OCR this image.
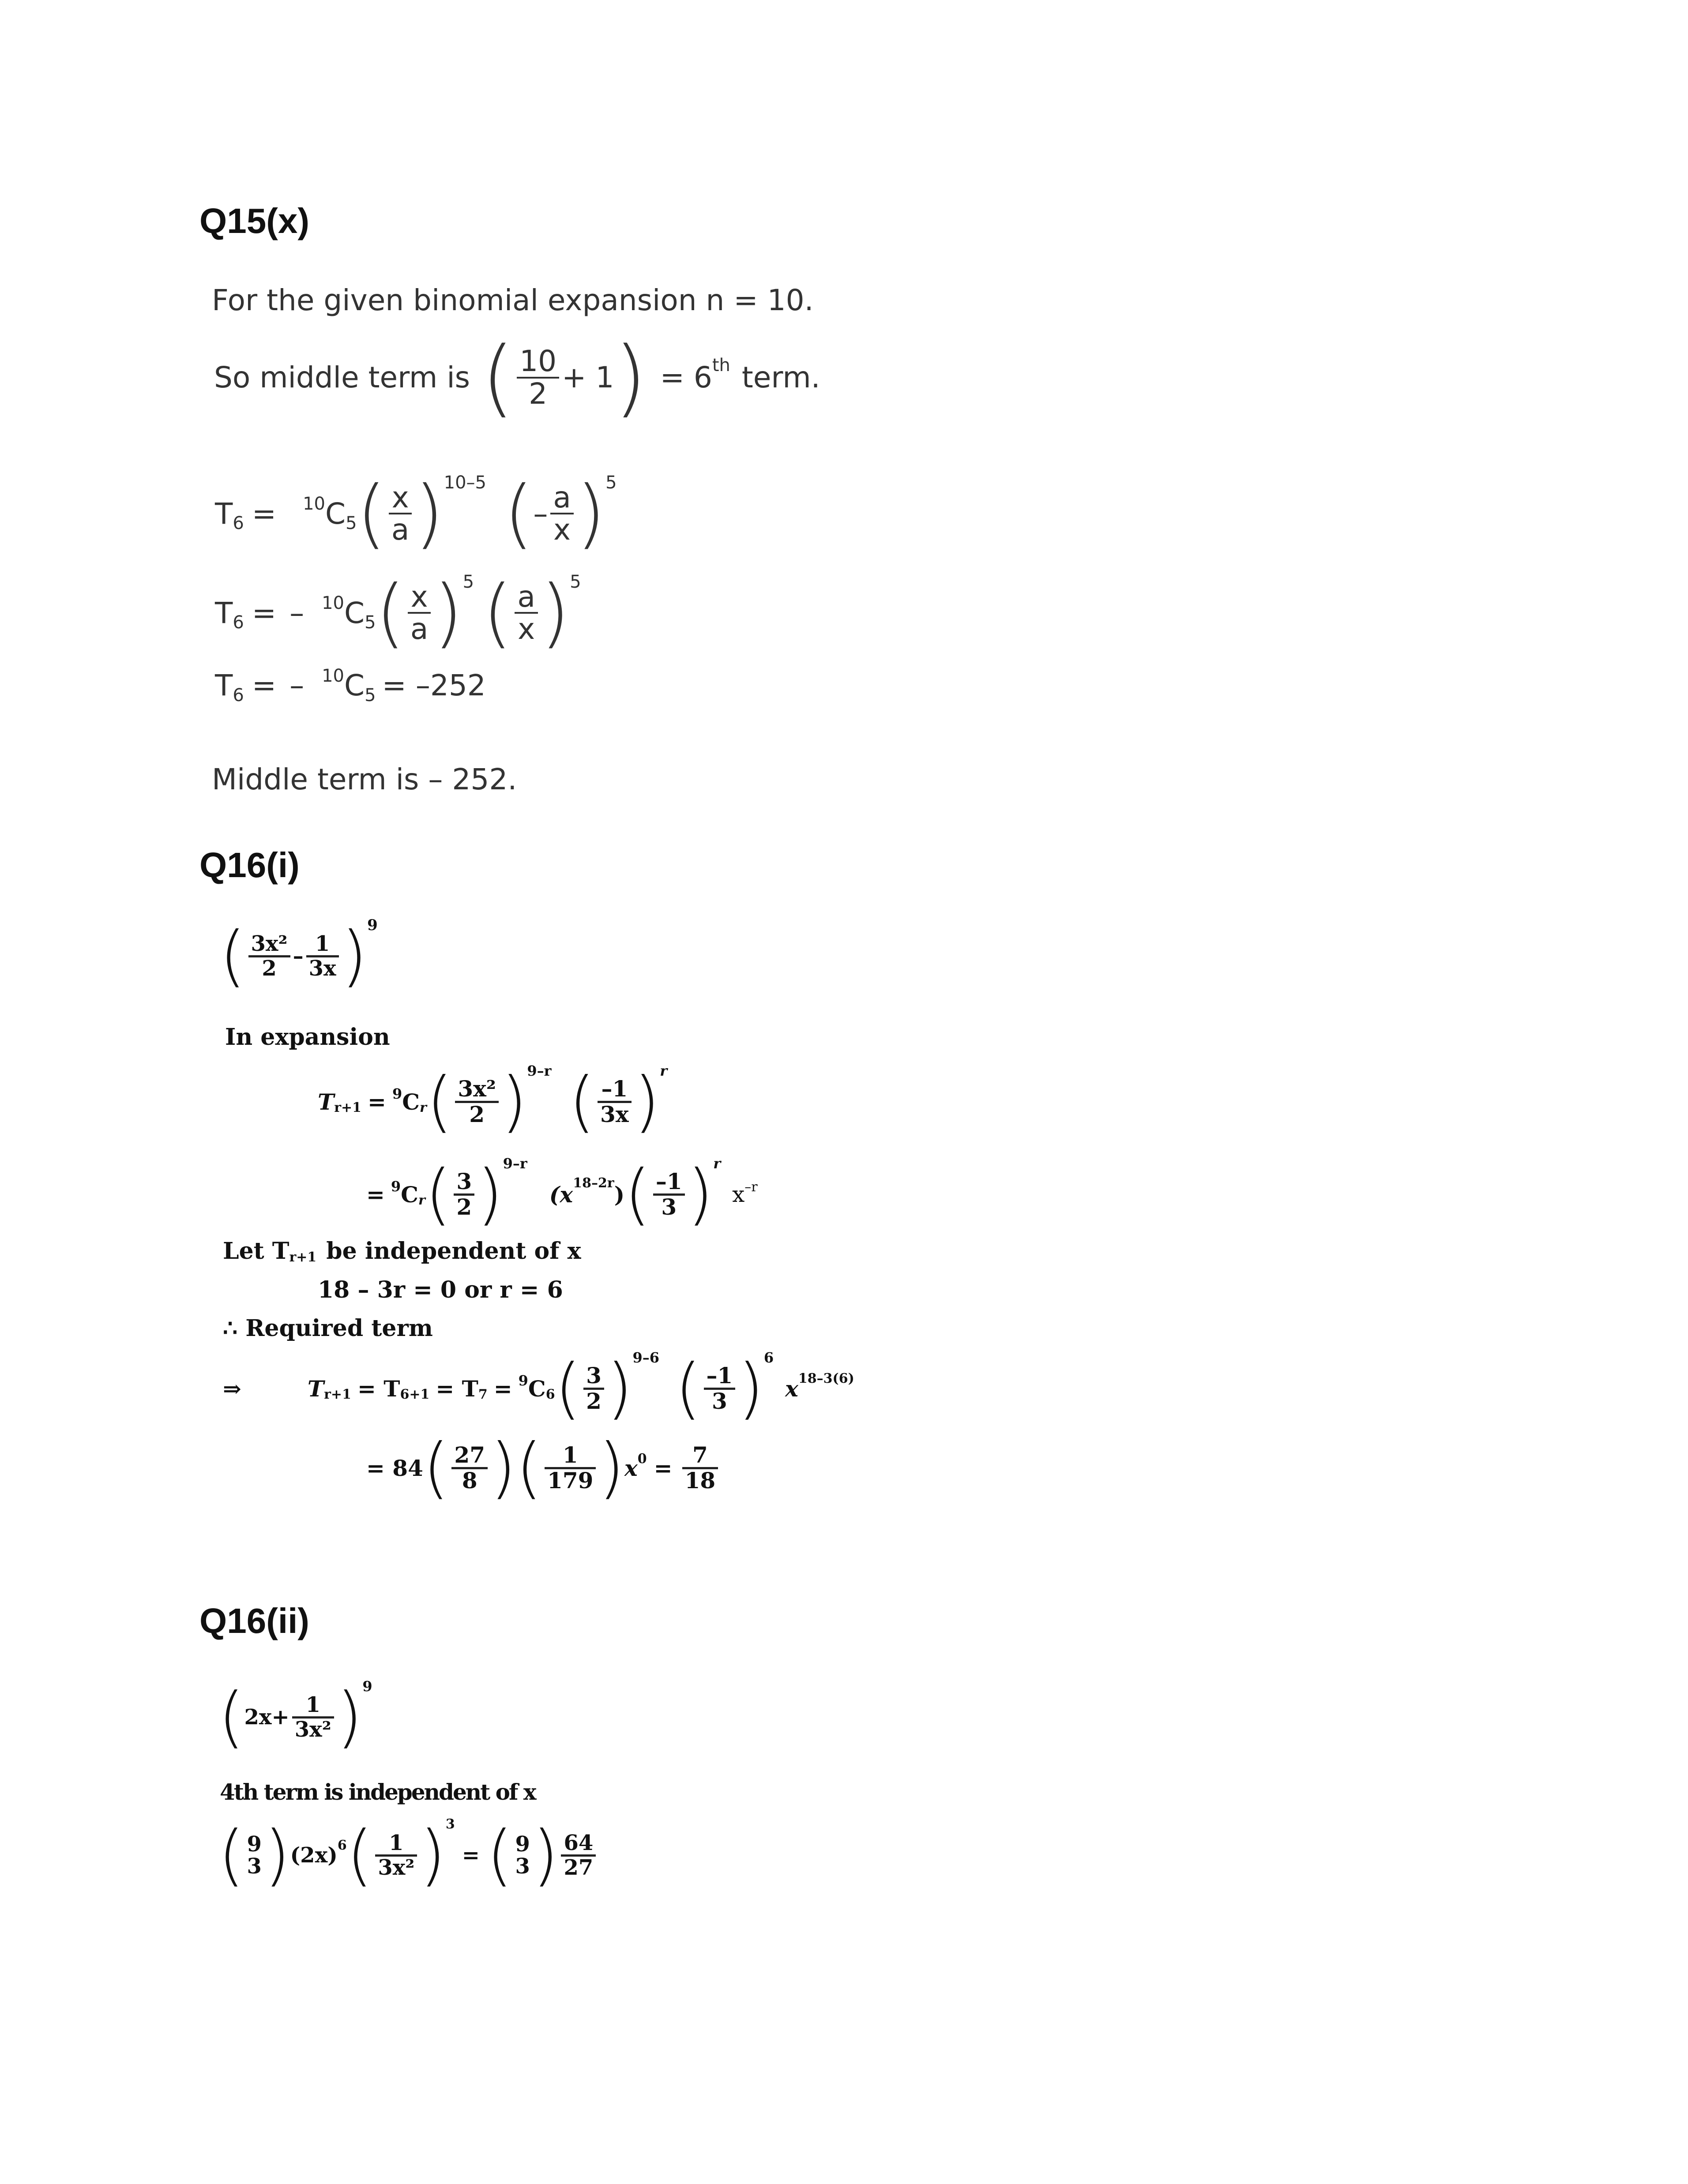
Q15(x)
For the given binomial expansion n = 10.
So middle term is ( $\frac{10}{2} + 1$ ) = 6th term.
$T_6 = ^{10}$ $C_5$ ( $\frac{x}{a} )^{10-5}$ ( – $\frac{a}{x} )^5$
$T_6$ = – $^{10}$ $C_5$ ( $\frac{x}{a} )^5$ ( $\frac{a}{x} )^5$
$T_6$ = – $^{10}$ $C_5 = -252$
Middle term is – 252.
Q16(i)
( $\frac{\text{3x²}}{2} - \frac{1}{3x} )^9$
In expansion
$T_{r+1} = ^9$ C $_r$ ( $\frac{\text{3x²}}{2} )^{9-r}$ ( $\frac{-1}{3x}$ ) $^r$
= $^9$ C $_r$ ( $\frac{3}{2} )^{9-r}$
$(x^{18-2r})$ ( $\frac{-1}{3}$ ) $^r$
$x^{-r}$
Let $T_{r+1}$ be independent of x
18 – 3r = 0 or r = 6
∴ Required term
⇒	$T_{r+1} = T_{6+1} = T_7 = ^9$ $C_6$ ( $\frac{3}{2} )^{9-6}$ ( $\frac{-1}{3} )^6$
$x^{18-3(6)}$
= 84 ( $\frac{27}{8}$ )( $\frac{1}{179}$ ) $x^0 = \frac{7}{18}$
Q16(ii)
( $2x+ \frac{1}{\text{3x²}} )^9$
4th term is independent of x
( 9
3 ) $(2x)^6$ ( $\frac{1}{\text{3x²}} )^3$
= ( 9
3 ) $\frac{64}{27}$
